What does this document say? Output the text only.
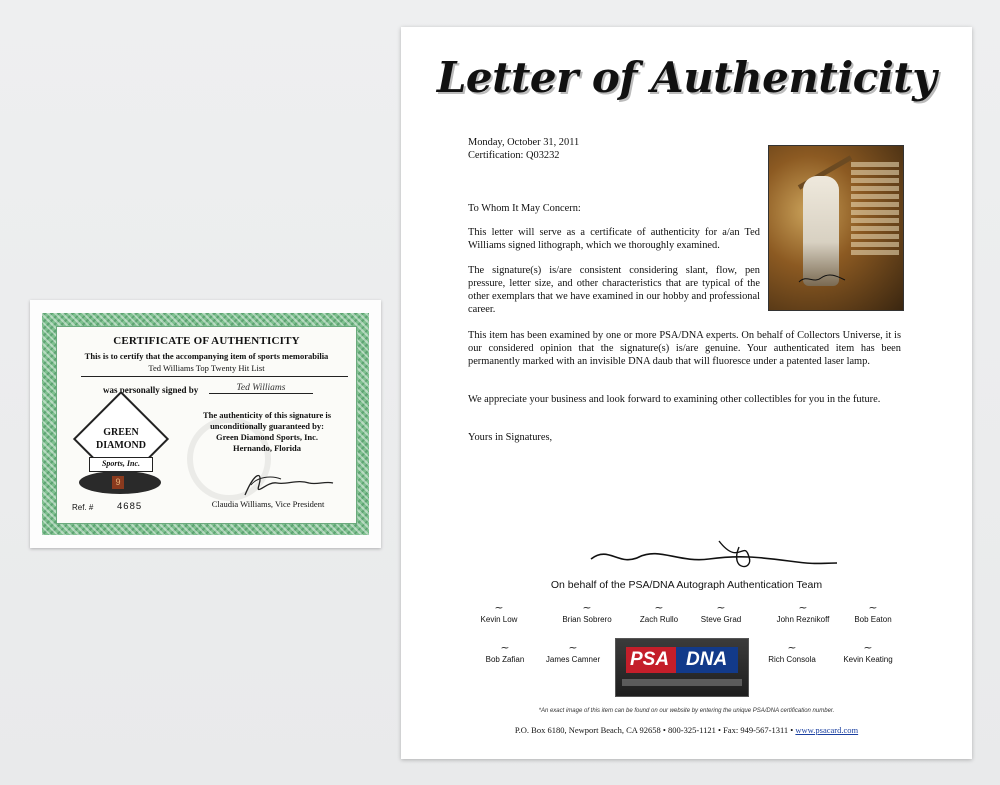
CERTIFICATE OF AUTHENTICITY
This is to certify that the accompanying item of sports memorabilia
Ted Williams Top Twenty Hit List
was personally signed by	Ted Williams
GREEN
DIAMOND
Sports, Inc.
9
The authenticity of this signature is
unconditionally guaranteed by:
Green Diamond Sports, Inc.
Hernando, Florida
Claudia Williams, Vice President
Ref. # 4685
Letter of Authenticity
Monday, October 31, 2011
Certification: Q03232
To Whom It May Concern:
This letter will serve as a certificate of authenticity for a/an Ted Williams signed lithograph, which we thoroughly examined.
The signature(s) is/are consistent considering slant, flow, pen pressure, letter size, and other characteristics that are typical of the other exemplars that we have examined in our hobby and professional career.
This item has been examined by one or more PSA/DNA experts. On behalf of Collectors Universe, it is our considered opinion that the signature(s) is/are genuine. Your authenticated item has been permanently marked with an invisible DNA daub that will fluoresce under a patented laser lamp.
We appreciate your business and look forward to examining other collectibles for you in the future.
Yours in Signatures,
On behalf of the PSA/DNA Autograph Authentication Team
~
Kevin Low
~
Brian Sobrero
~
Zach Rullo
~
Steve Grad
~
John Reznikoff
~
Bob Eaton
~
Bob Zafian
~
James Camner PSA DNA
~
Rich Consola
~
Kevin Keating
*An exact image of this item can be found on our website by entering the unique PSA/DNA certification number.
P.O. Box 6180, Newport Beach, CA 92658 • 800-325-1121 • Fax: 949-567-1311 • www.psacard.com
